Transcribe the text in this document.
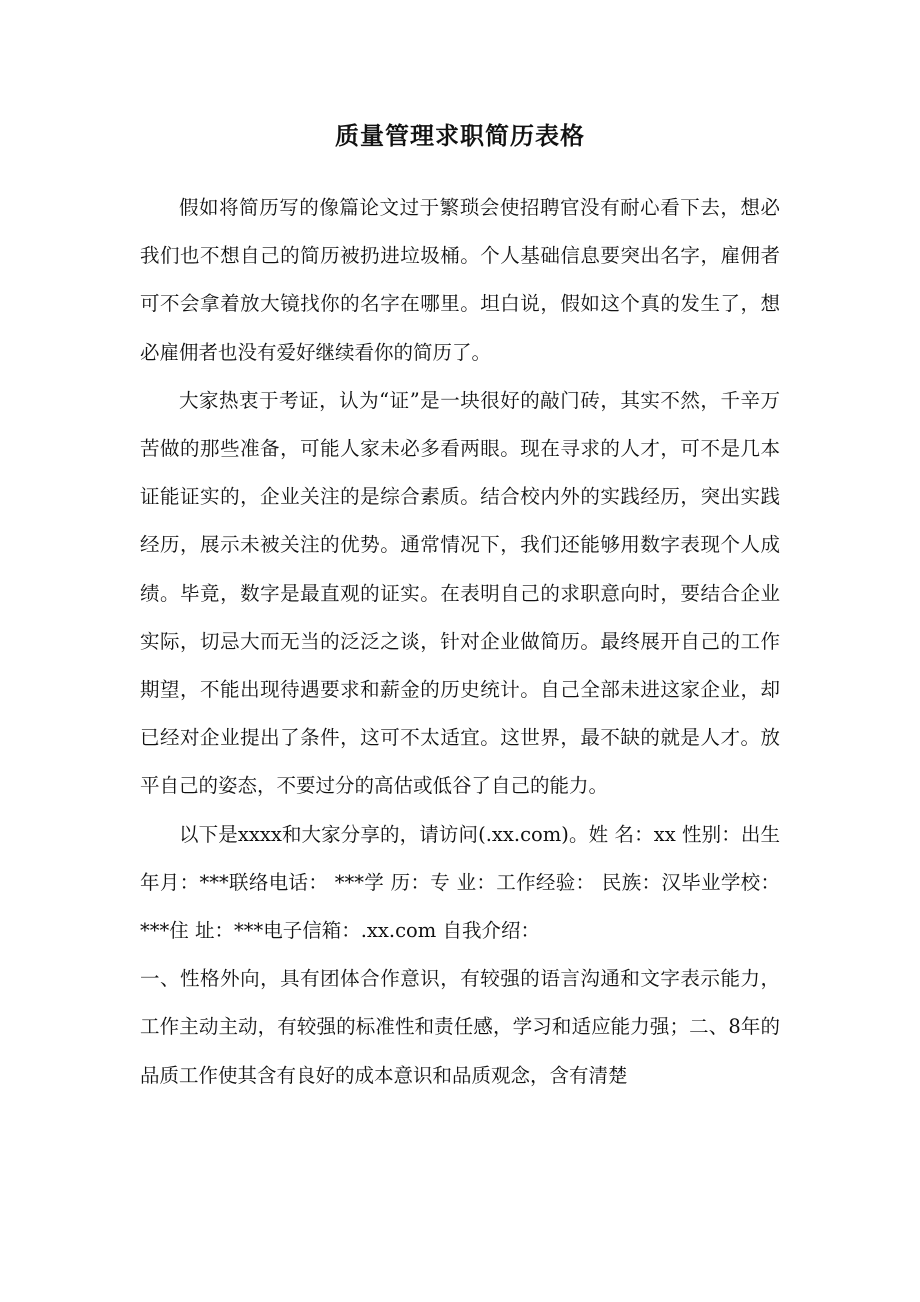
质量管理求职简历表格

假如将简历写的像篇论文过于繁琐会使招聘官没有耐心看下去，想必我们也不想自己的简历被扔进垃圾桶。个人基础信息要突出名字，雇佣者可不会拿着放大镜找你的名字在哪里。坦白说，假如这个真的发生了，想必雇佣者也没有爱好继续看你的简历了。

大家热衷于考证，认为“证”是一块很好的敲门砖，其实不然，千辛万苦做的那些准备，可能人家未必多看两眼。现在寻求的人才，可不是几本证能证实的，企业关注的是综合素质。结合校内外的实践经历，突出实践经历，展示未被关注的优势。通常情况下，我们还能够用数字表现个人成绩。毕竟，数字是最直观的证实。在表明自己的求职意向时，要结合企业实际，切忌大而无当的泛泛之谈，针对企业做简历。最终展开自己的工作期望，不能出现待遇要求和薪金的历史统计。自己全部未进这家企业，却已经对企业提出了条件，这可不太适宜。这世界，最不缺的就是人才。放平自己的姿态，不要过分的高估或低谷了自己的能力。

以下是xxxx和大家分享的，请访问(.xx.com)。姓 名：xx 性别：出生年月：***联络电话： ***学 历：专 业：工作经验： 民族：汉毕业学校：***住 址：***电子信箱：.xx.com 自我介绍：

一、性格外向，具有团体合作意识，有较强的语言沟通和文字表示能力，工作主动主动，有较强的标准性和责任感，学习和适应能力强；二、8年的品质工作使其含有良好的成本意识和品质观念，含有清楚
